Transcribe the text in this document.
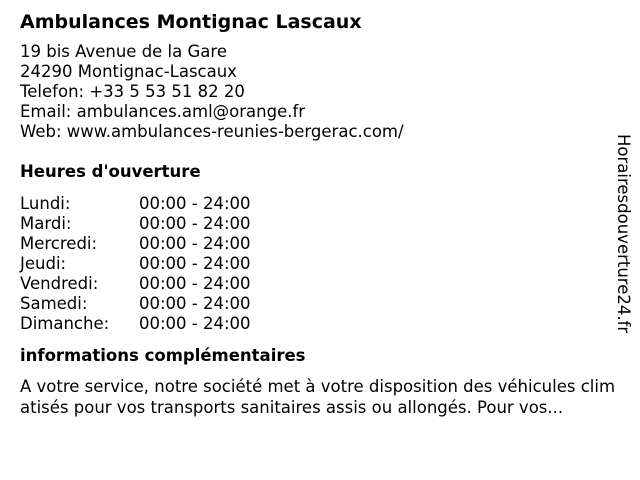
Ambulances Montignac Lascaux
19 bis Avenue de la Gare
24290 Montignac-Lascaux
Telefon: +33 5 53 51 82 20
Email: ambulances.aml@orange.fr
Web: www.ambulances-reunies-bergerac.com/
Heures d'ouverture
Lundi:	00:00 - 24:00
Mardi:	00:00 - 24:00
Mercredi:	00:00 - 24:00
Jeudi:	00:00 - 24:00
Vendredi:	00:00 - 24:00
Samedi:	00:00 - 24:00
Dimanche:	00:00 - 24:00
informations complémentaires
A votre service, notre société met à votre disposition des véhicules climatisés pour vos transports sanitaires assis ou allongés. Pour vos...
Horairesdouverture24.fr
